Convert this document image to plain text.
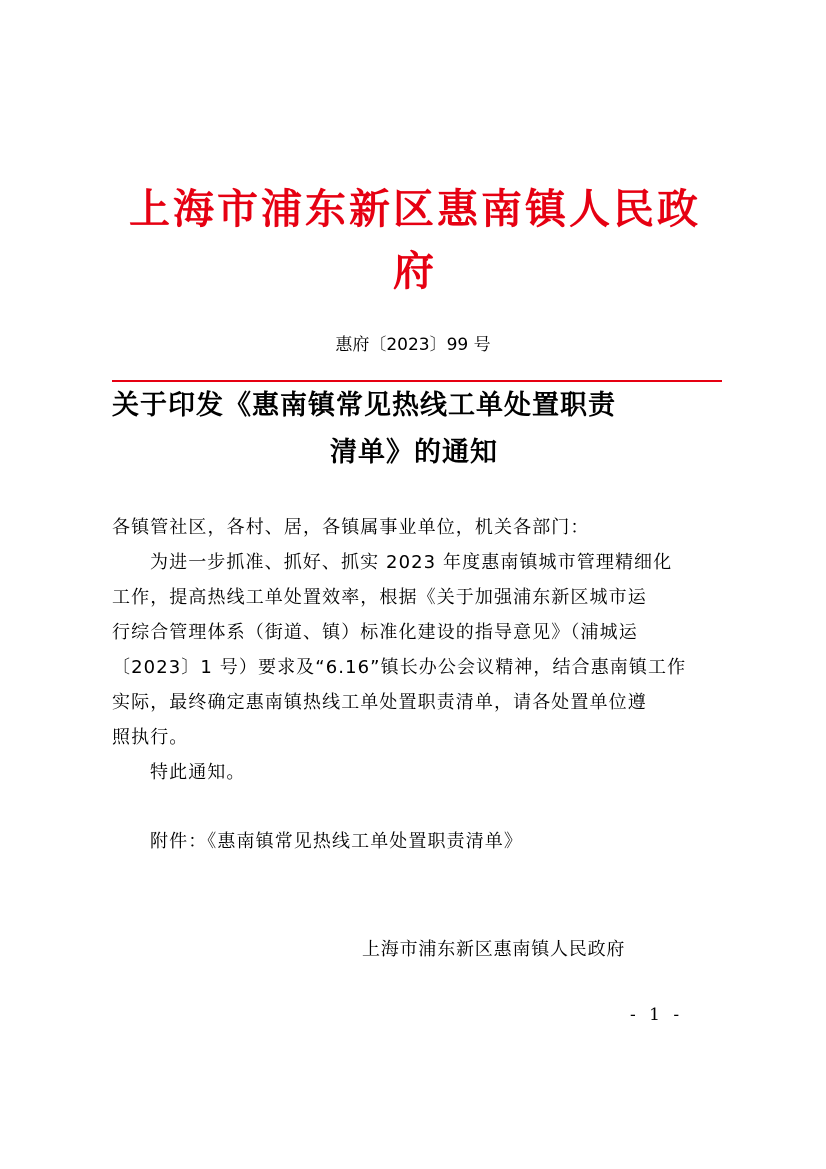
上海市浦东新区惠南镇人民政
府
惠府〔2023〕99 号
关于印发《惠南镇常见热线工单处置职责
清单》的通知
各镇管社区，各村、居，各镇属事业单位，机关各部门：
为进一步抓准、抓好、抓实 2023 年度惠南镇城市管理精细化
工作，提高热线工单处置效率，根据《关于加强浦东新区城市运
行综合管理体系（街道、镇）标准化建设的指导意见》（浦城运
〔2023〕1 号）要求及“6.16”镇长办公会议精神，结合惠南镇工作
实际，最终确定惠南镇热线工单处置职责清单，请各处置单位遵
照执行。
特此通知。
附件：《惠南镇常见热线工单处置职责清单》
上海市浦东新区惠南镇人民政府
- 1 -
